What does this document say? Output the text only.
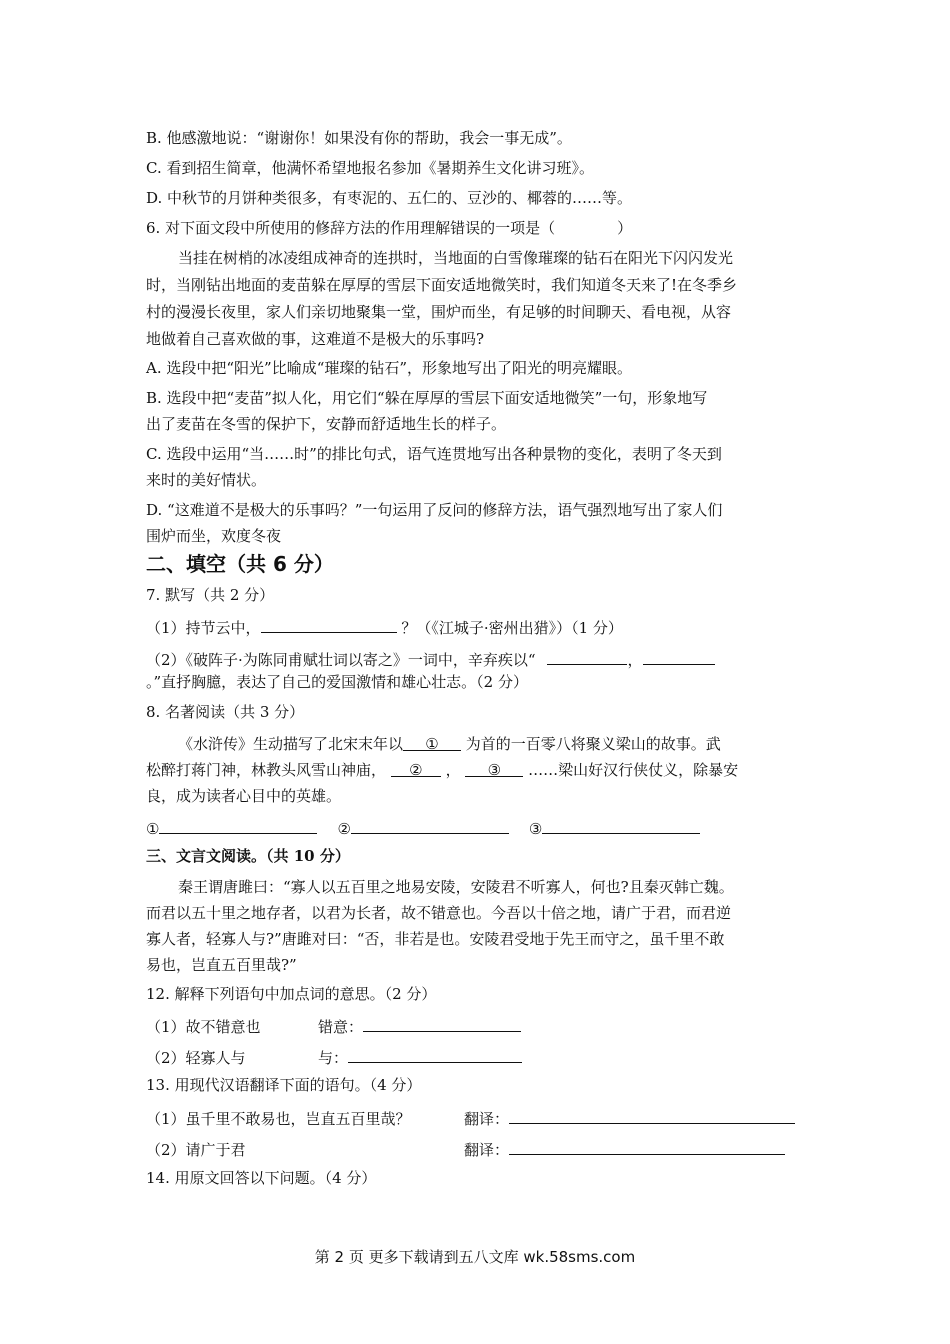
B. 他感激地说：“谢谢你！如果没有你的帮助，我会一事无成”。
C. 看到招生简章，他满怀希望地报名参加《暑期养生文化讲习班》。
D. 中秋节的月饼种类很多，有枣泥的、五仁的、豆沙的、椰蓉的……等。
6. 对下面文段中所使用的修辞方法的作用理解错误的一项是（	）
当挂在树梢的冰凌组成神奇的连拱时，当地面的白雪像璀璨的钻石在阳光下闪闪发光
时，当刚钻出地面的麦苗躲在厚厚的雪层下面安适地微笑时，我们知道冬天来了!在冬季乡
村的漫漫长夜里，家人们亲切地聚集一堂，围炉而坐，有足够的时间聊天、看电视，从容
地做着自己喜欢做的事，这难道不是极大的乐事吗?
A. 选段中把“阳光”比喻成“璀璨的钻石”，形象地写出了阳光的明亮耀眼。
B. 选段中把“麦苗”拟人化，用它们“躲在厚厚的雪层下面安适地微笑”一句，形象地写
出了麦苗在冬雪的保护下，安静而舒适地生长的样子。
C. 选段中运用“当……时”的排比句式，语气连贯地写出各种景物的变化，表明了冬天到
来时的美好情状。
D. “这难道不是极大的乐事吗？”一句运用了反问的修辞方法，语气强烈地写出了家人们
围炉而坐，欢度冬夜
二、填空（共 6 分）
7. 默写（共 2 分）
（1）持节云中，	？（《江城子·密州出猎》）（1 分）
（2）《破阵子·为陈同甫赋壮词以寄之》一词中，辛弃疾以“	，
。”直抒胸臆，表达了自己的爱国激情和雄心壮志。（2 分）
8. 名著阅读（共 3 分）
《水浒传》生动描写了北宋末年以 ① 为首的一百零八将聚义梁山的故事。武
松醉打蒋门神，林教头风雪山神庙， ② ， ③ ……梁山好汉行侠仗义，除暴安
良，成为读者心目中的英雄。
①	②	③
三、文言文阅读。（共 10 分）
秦王谓唐雎曰：“寡人以五百里之地易安陵，安陵君不听寡人，何也?且秦灭韩亡魏。
而君以五十里之地存者，以君为长者，故不错意也。今吾以十倍之地，请广于君，而君逆
寡人者，轻寡人与?”唐雎对曰：“否，非若是也。安陵君受地于先王而守之，虽千里不敢
易也，岂直五百里哉?”
12. 解释下列语句中加点词的意思。（2 分）
（1）故不错意也	错意：
（2）轻寡人与	与：
13. 用现代汉语翻译下面的语句。（4 分）
（1）虽千里不敢易也，岂直五百里哉？	翻译：
（2）请广于君	翻译：
14. 用原文回答以下问题。（4 分）
第 2 页 更多下载请到五八文库 wk.58sms.com
